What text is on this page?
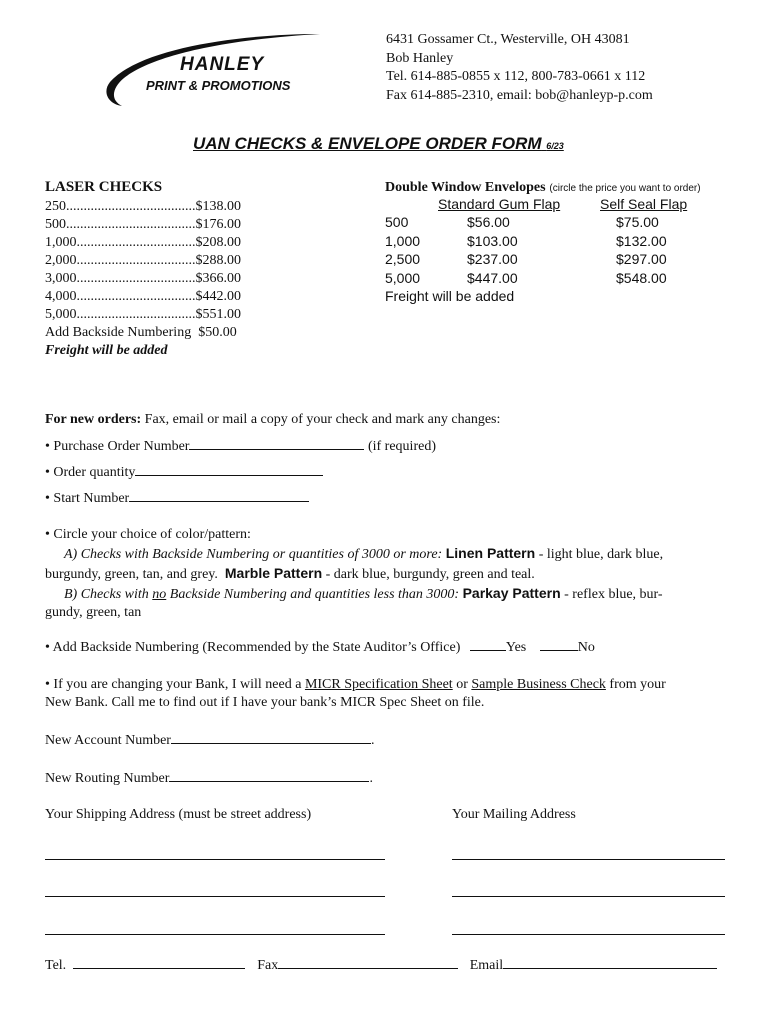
HANLEY
PRINT & PROMOTIONS
6431 Gossamer Ct., Westerville, OH 43081
Bob Hanley
Tel. 614-885-0855 x 112, 800-783-0661 x 112
Fax 614-885-2310, email: bob@hanleyp-p.com
UAN CHECKS & ENVELOPE ORDER FORM 6/23
LASER CHECKS
250.....................................$138.00
500.....................................$176.00
1,000..................................$208.00
2,000..................................$288.00
3,000..................................$366.00
4,000..................................$442.00
5,000..................................$551.00
Add Backside Numbering  $50.00
Freight will be added
Double Window Envelopes (circle the price you want to order)
Standard Gum Flap	Self Seal Flap
500	$56.00	$75.00
1,000	$103.00	$132.00
2,500	$237.00	$297.00
5,000	$447.00	$548.00
Freight will be added
For new orders: Fax, email or mail a copy of your check and mark any changes:
• Purchase Order Number	(if required)
• Order quantity
• Start Number
• Circle your choice of color/pattern:
A) Checks with Backside Numbering or quantities of 3000 or more: Linen Pattern - light blue, dark blue,
burgundy, green, tan, and grey.  Marble Pattern - dark blue, burgundy, green and teal.
B) Checks with no Backside Numbering and quantities less than 3000: Parkay Pattern - reflex blue, bur-
gundy, green, tan
• Add Backside Numbering (Recommended by the State Auditor’s Office)	Yes	No
• If you are changing your Bank, I will need a MICR Specification Sheet or Sample Business Check from your
New Bank. Call me to find out if I have your bank’s MICR Spec Sheet on file.
New Account Number	.
New Routing Number	.
Your Shipping Address (must be street address)	Your Mailing Address
Tel.	Fax	Email
